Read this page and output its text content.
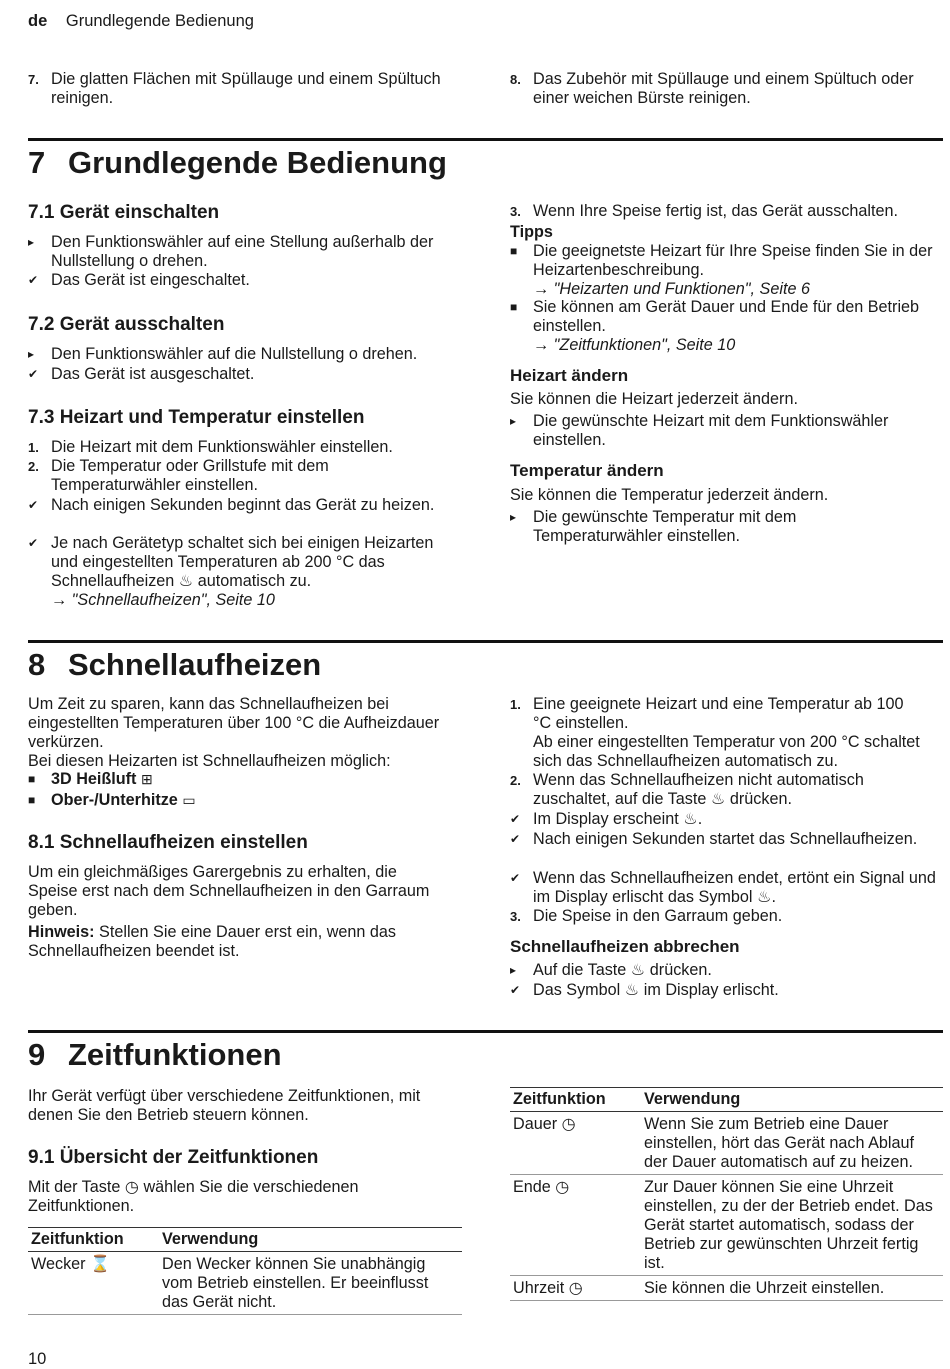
de Grundlegende Bedienung
7. Die glatten Flächen mit Spüllauge und einem Spültuch reinigen.
8. Das Zubehör mit Spüllauge und einem Spültuch oder einer weichen Bürste reinigen.
7 Grundlegende Bedienung
7.1 Gerät einschalten
▸ Den Funktionswähler auf eine Stellung außerhalb der Nullstellung o drehen.
✔ Das Gerät ist eingeschaltet.
7.2 Gerät ausschalten
▸ Den Funktionswähler auf die Nullstellung o drehen.
✔ Das Gerät ist ausgeschaltet.
7.3 Heizart und Temperatur einstellen
1. Die Heizart mit dem Funktionswähler einstellen.
2. Die Temperatur oder Grillstufe mit dem Temperaturwähler einstellen.
✔ Nach einigen Sekunden beginnt das Gerät zu heizen.
✔ Je nach Gerätetyp schaltet sich bei einigen Heizarten und eingestellten Temperaturen ab 200 °C das Schnellaufheizen ♨ automatisch zu.
→ "Schnellaufheizen", Seite 10
3. Wenn Ihre Speise fertig ist, das Gerät ausschalten.
Tipps
■ Die geeignetste Heizart für Ihre Speise finden Sie in der Heizartenbeschreibung.
→ "Heizarten und Funktionen", Seite 6
■ Sie können am Gerät Dauer und Ende für den Betrieb einstellen.
→ "Zeitfunktionen", Seite 10
Heizart ändern
Sie können die Heizart jederzeit ändern.
▸ Die gewünschte Heizart mit dem Funktionswähler einstellen.
Temperatur ändern
Sie können die Temperatur jederzeit ändern.
▸ Die gewünschte Temperatur mit dem Temperaturwähler einstellen.
8 Schnellaufheizen
Um Zeit zu sparen, kann das Schnellaufheizen bei eingestellten Temperaturen über 100 °C die Aufheizdauer verkürzen.
Bei diesen Heizarten ist Schnellaufheizen möglich:
■ 3D Heißluft ⊞
■ Ober-/Unterhitze ▭
8.1 Schnellaufheizen einstellen
Um ein gleichmäßiges Garergebnis zu erhalten, die Speise erst nach dem Schnellaufheizen in den Garraum geben.
Hinweis: Stellen Sie eine Dauer erst ein, wenn das Schnellaufheizen beendet ist.
1. Eine geeignete Heizart und eine Temperatur ab 100 °C einstellen.
Ab einer eingestellten Temperatur von 200 °C schaltet sich das Schnellaufheizen automatisch zu.
2. Wenn das Schnellaufheizen nicht automatisch zuschaltet, auf die Taste ♨ drücken.
✔ Im Display erscheint ♨.
✔ Nach einigen Sekunden startet das Schnellaufheizen.
✔ Wenn das Schnellaufheizen endet, ertönt ein Signal und im Display erlischt das Symbol ♨.
3. Die Speise in den Garraum geben.
Schnellaufheizen abbrechen
▸ Auf die Taste ♨ drücken.
✔ Das Symbol ♨ im Display erlischt.
9 Zeitfunktionen
Ihr Gerät verfügt über verschiedene Zeitfunktionen, mit denen Sie den Betrieb steuern können.
9.1 Übersicht der Zeitfunktionen
Mit der Taste ◷ wählen Sie die verschiedenen Zeitfunktionen.
Zeitfunktion	Verwendung
Wecker ⌛	Den Wecker können Sie unabhängig vom Betrieb einstellen. Er beeinflusst das Gerät nicht.
Zeitfunktion	Verwendung
Dauer ◷	Wenn Sie zum Betrieb eine Dauer einstellen, hört das Gerät nach Ablauf der Dauer automatisch auf zu heizen.
Ende ◷	Zur Dauer können Sie eine Uhrzeit einstellen, zu der der Betrieb endet. Das Gerät startet automatisch, sodass der Betrieb zur gewünschten Uhrzeit fertig ist.
Uhrzeit ◷	Sie können die Uhrzeit einstellen.
10
